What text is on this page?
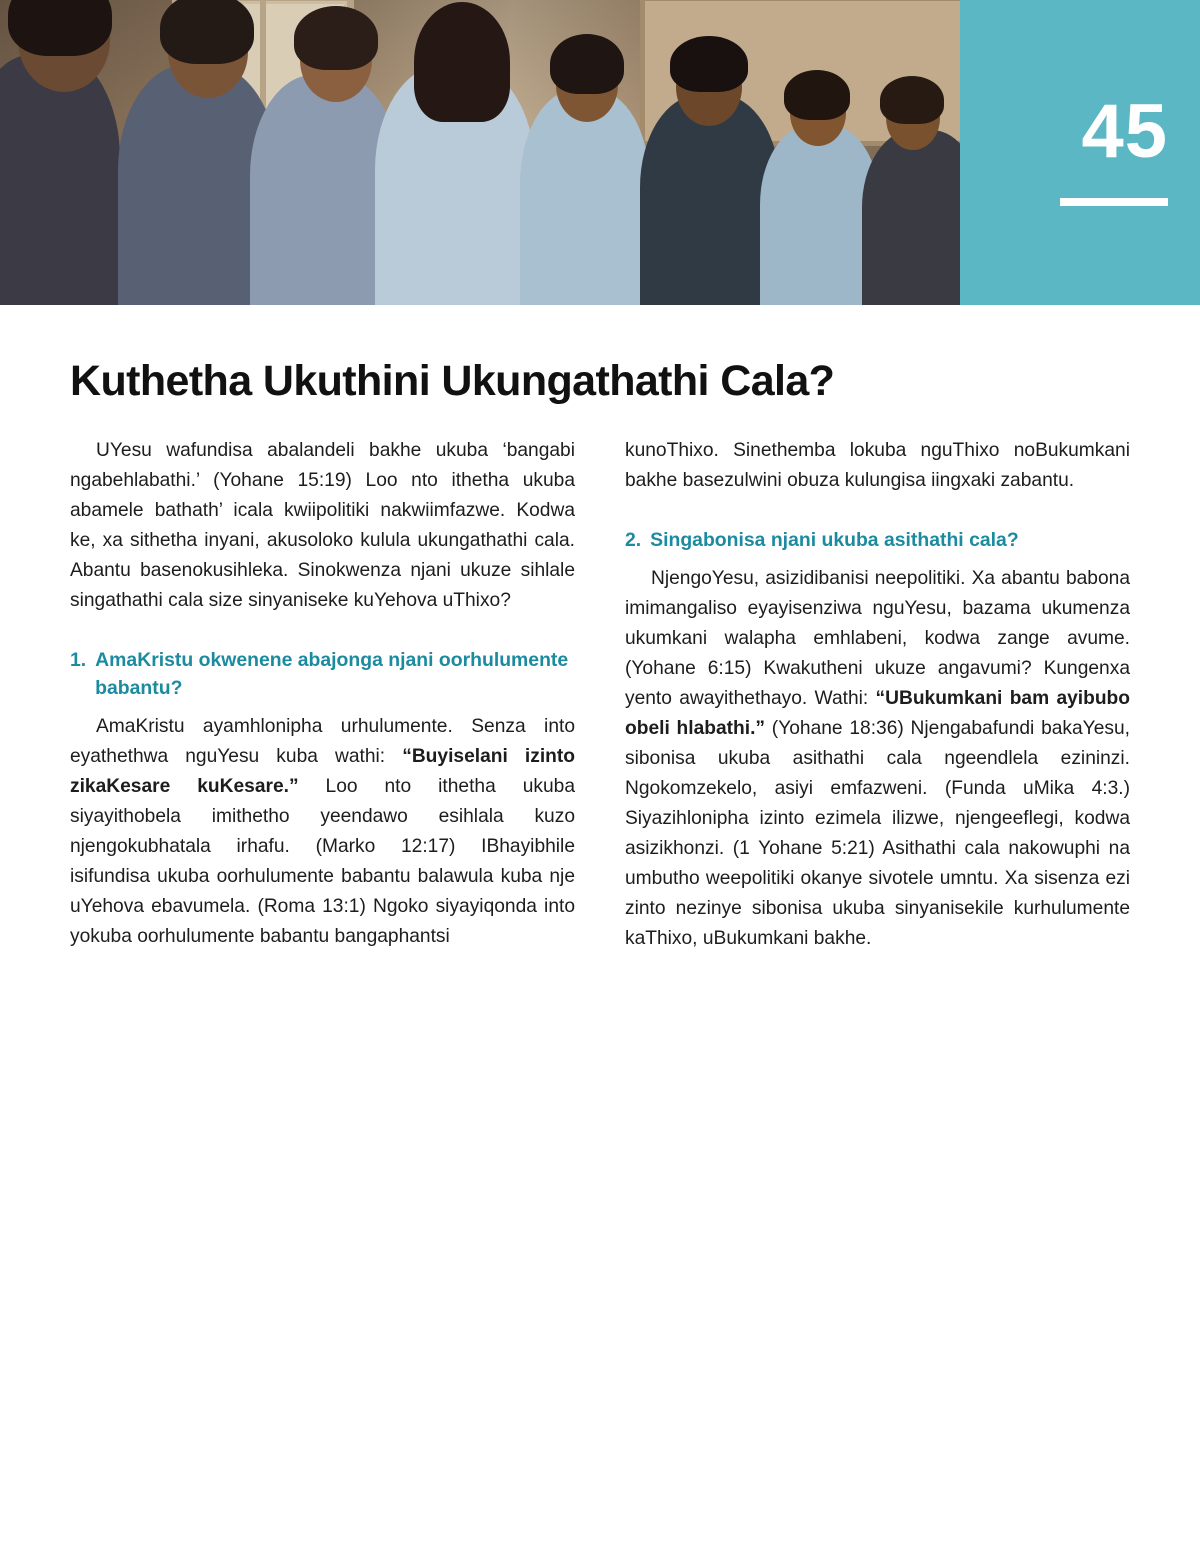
45
Kuthetha Ukuthini Ukungathathi Cala?

UYesu wafundisa abalandeli bakhe ukuba ‘bangabi ngabehlabathi.’ (Yohane 15:19) Loo nto ithetha ukuba abamele bathath’ icala kwiipolitiki nakwiimfazwe. Kodwa ke, xa sithetha inyani, akusoloko kulula ukungathathi cala. Abantu basenokusihleka. Sinokwenza njani ukuze sihlale singathathi cala size sinyaniseke kuYehova uThixo?

1. AmaKristu okwenene abajonga njani oorhulumente babantu?

AmaKristu ayamhlonipha urhulumente. Senza into eyathethwa nguYesu kuba wathi: “Buyiselani izinto zikaKesare kuKesare.” Loo nto ithetha ukuba siyayithobela imithetho yeendawo esihlala kuzo njengokubhatala irhafu. (Marko 12:17) IBhayibhile isifundisa ukuba oorhulumente babantu balawula kuba nje uYehova ebavumela. (Roma 13:1) Ngoko siyayiqonda into yokuba oorhulumente babantu bangaphantsi

kunoThixo. Sinethemba lokuba nguThixo noBukumkani bakhe basezulwini obuza kulungisa iingxaki zabantu.

2. Singabonisa njani ukuba asithathi cala?

NjengoYesu, asizidibanisi neepolitiki. Xa abantu babona imimangaliso eyayisenziwa nguYesu, bazama ukumenza ukumkani walapha emhlabeni, kodwa zange avume. (Yohane 6:15) Kwakutheni ukuze angavumi? Kungenxa yento awayithethayo. Wathi: “UBukumkani bam ayibubo obeli hlabathi.” (Yohane 18:36) Njengabafundi bakaYesu, sibonisa ukuba asithathi cala ngeendlela ezininzi. Ngokomzekelo, asiyi emfazweni. (Funda uMika 4:3.) Siyazihlonipha izinto ezimela ilizwe, njengeeflegi, kodwa asizikhonzi. (1 Yohane 5:21) Asithathi cala nakowuphi na umbutho weepolitiki okanye sivotele umntu. Xa sisenza ezi zinto nezinye sibonisa ukuba sinyanisekile kurhulumente kaThixo, uBukumkani bakhe.
